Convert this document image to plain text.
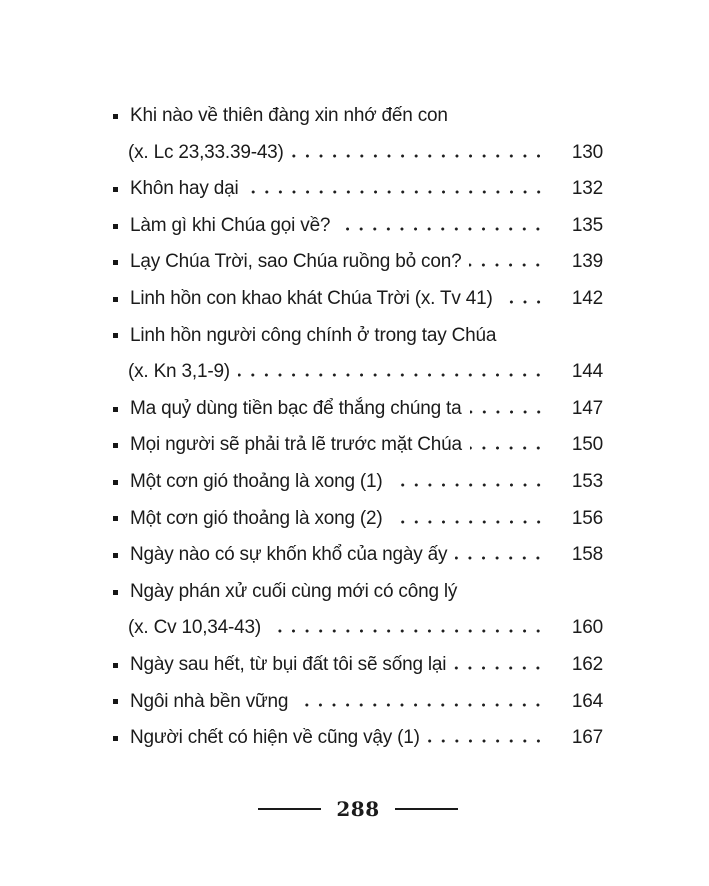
Khi nào về thiên đàng xin nhớ đến con
(x. Lc 23,33.39-43)	130
Khôn hay dại	132
Làm gì khi Chúa gọi về?	135
Lạy Chúa Trời, sao Chúa ruồng bỏ con?	139
Linh hồn con khao khát Chúa Trời (x. Tv 41)	142
Linh hồn người công chính ở trong tay Chúa
(x. Kn 3,1-9)	144
Ma quỷ dùng tiền bạc để thắng chúng ta	147
Mọi người sẽ phải trả lẽ trước mặt Chúa	150
Một cơn gió thoảng là xong (1)	153
Một cơn gió thoảng là xong (2)	156
Ngày nào có sự khốn khổ của ngày ấy	158
Ngày phán xử cuối cùng mới có công lý
(x. Cv 10,34-43)	160
Ngày sau hết, từ bụi đất tôi sẽ sống lại	162
Ngôi nhà bền vững	164
Người chết có hiện về cũng vậy (1)	167
288
